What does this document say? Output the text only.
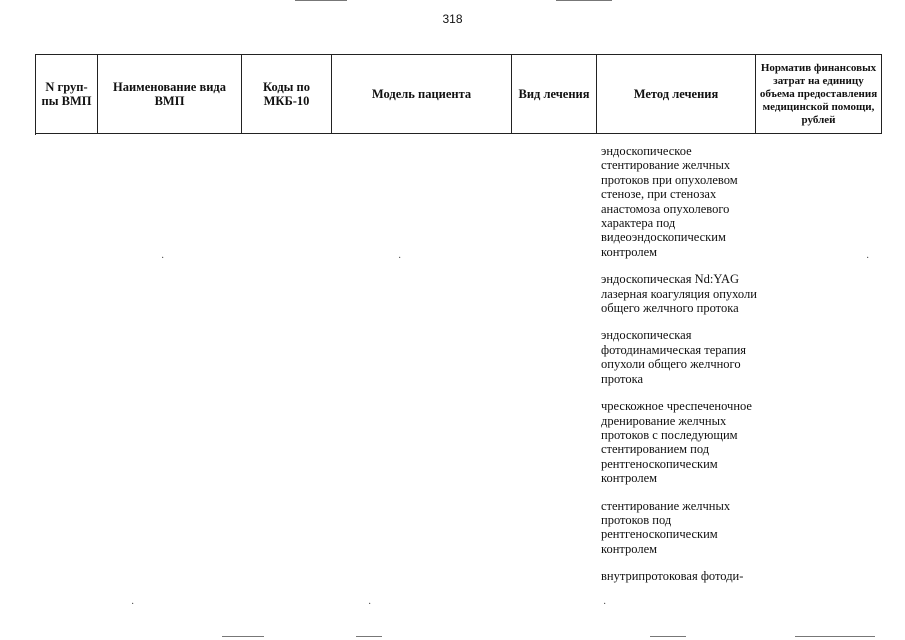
318
N груп-пы ВМП	Наименование вида ВМП	Коды по МКБ-10	Модель пациента	Вид лечения	Метод лечения	Норматив финансовых затрат на единицу объема предоставления медицинской помощи, рублей

эндоскопическое стентирование желчных протоков при опухолевом стенозе, при стенозах анастомоза опухолевого характера под видеоэндоскопическим контролем

эндоскопическая Nd:YAG лазерная коагуляция опухоли общего желчного протока

эндоскопическая фотодинамическая терапия опухоли общего желчного протока

чрескожное чреспеченочное дренирование желчных протоков с последующим стентированием под рентгеноскопическим контролем

стентирование желчных протоков под рентгеноскопическим контролем

внутрипротоковая фотоди-

·	·	·
·	·	·
